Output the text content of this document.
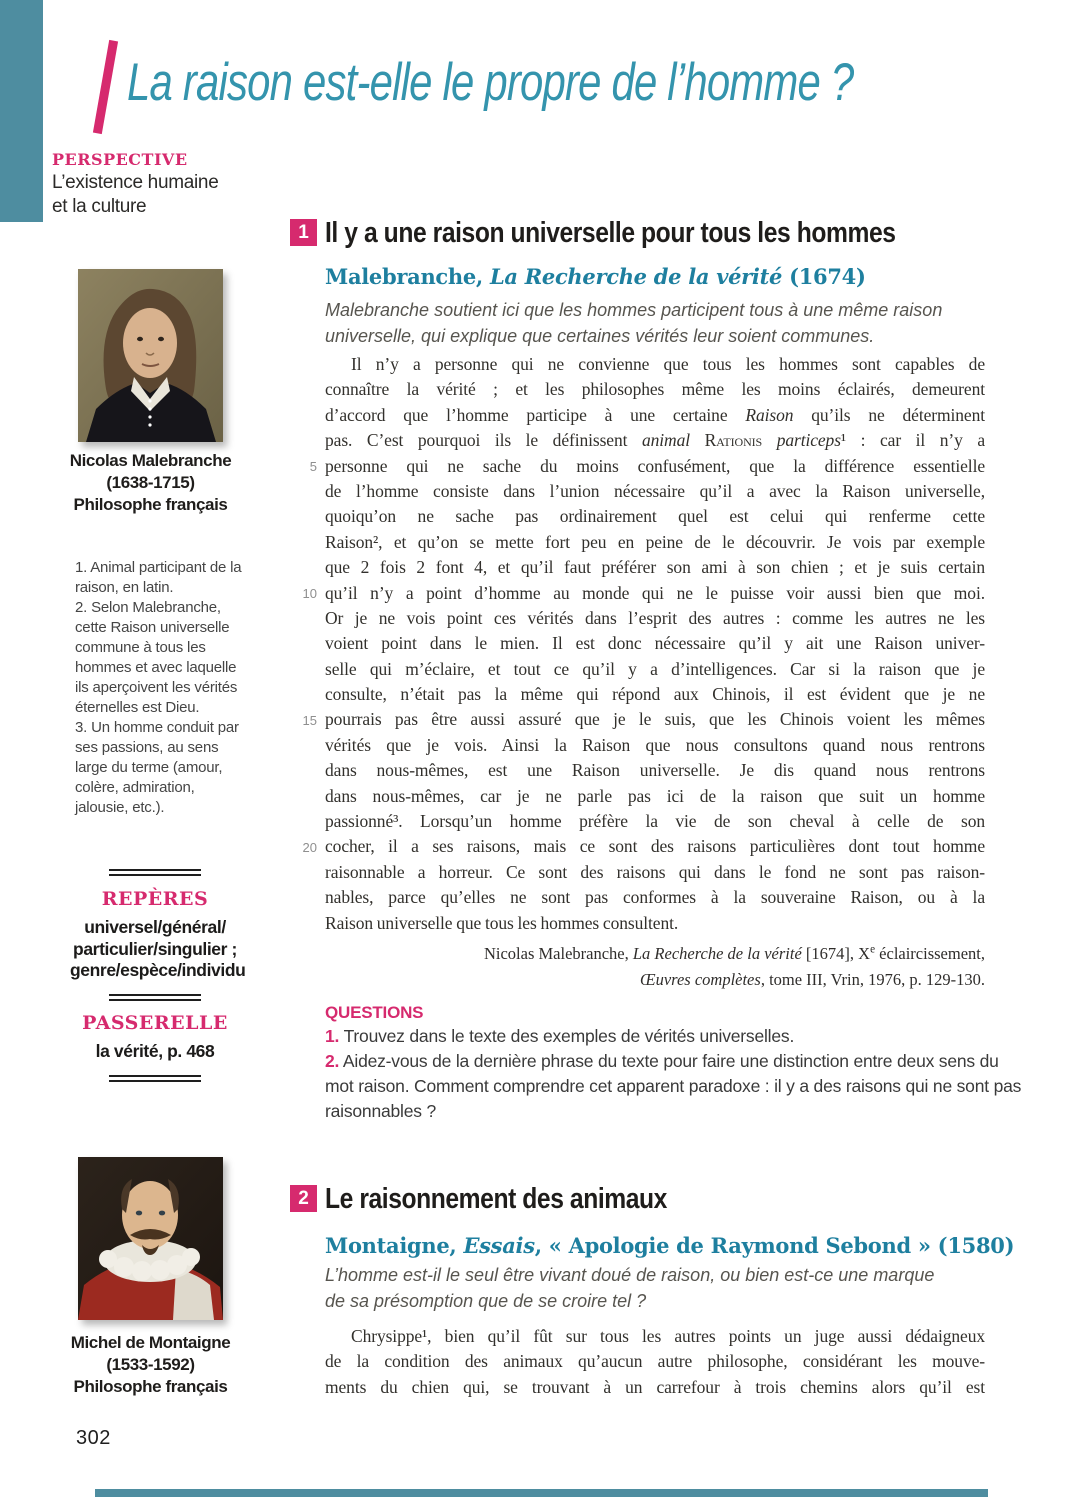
La raison est-elle le propre de l’homme ?
PERSPECTIVE
L’existence humaine
et la culture
1 Il y a une raison universelle pour tous les hommes
Malebranche, La Recherche de la vérité (1674)
Malebranche soutient ici que les hommes participent tous à une même raison universelle, qui explique que certaines vérités leur soient communes.
5
10
15
20
Il n’y a personne qui ne convienne que tous les hommes sont capables de
connaître la vérité ; et les philosophes même les moins éclairés, demeurent
d’accord que l’homme participe à une certaine Raison qu’ils ne déterminent
pas. C’est pourquoi ils le définissent animal Rationis particeps¹ : car il n’y a
personne qui ne sache du moins confusément, que la différence essentielle
de l’homme consiste dans l’union nécessaire qu’il a avec la Raison universelle,
quoiqu’on ne sache pas ordinairement quel est celui qui renferme cette
Raison², et qu’on se mette fort peu en peine de le découvrir. Je vois par exemple
que 2 fois 2 font 4, et qu’il faut préférer son ami à son chien ; et je suis certain
qu’il n’y a point d’homme au monde qui ne le puisse voir aussi bien que moi.
Or je ne vois point ces vérités dans l’esprit des autres : comme les autres ne les
voient point dans le mien. Il est donc nécessaire qu’il y ait une Raison univer-
selle qui m’éclaire, et tout ce qu’il y a d’intelligences. Car si la raison que je
consulte, n’était pas la même qui répond aux Chinois, il est évident que je ne
pourrais pas être aussi assuré que je le suis, que les Chinois voient les mêmes
vérités que je vois. Ainsi la Raison que nous consultons quand nous rentrons
dans nous-mêmes, est une Raison universelle. Je dis quand nous rentrons
dans nous-mêmes, car je ne parle pas ici de la raison que suit un homme
passionné³. Lorsqu’un homme préfère la vie de son cheval à celle de son
cocher, il a ses raisons, mais ce sont des raisons particulières dont tout homme
raisonnable a horreur. Ce sont des raisons qui dans le fond ne sont pas raison-
nables, parce qu’elles ne sont pas conformes à la souveraine Raison, ou à la
Raison universelle que tous les hommes consultent.
Nicolas Malebranche, La Recherche de la vérité [1674], Xe éclaircissement,
Œuvres complètes, tome III, Vrin, 1976, p. 129-130.
QUESTIONS
1. Trouvez dans le texte des exemples de vérités universelles.
2. Aidez-vous de la dernière phrase du texte pour faire une distinction entre deux sens du mot raison. Comment comprendre cet apparent paradoxe : il y a des raisons qui ne sont pas raisonnables ?
2 Le raisonnement des animaux
Montaigne, Essais, « Apologie de Raymond Sebond » (1580)
L’homme est-il le seul être vivant doué de raison, ou bien est-ce une marque de sa présomption que de se croire tel ?
Chrysippe¹, bien qu’il fût sur tous les autres points un juge aussi dédaigneux
de la condition des animaux qu’aucun autre philosophe, considérant les mouve-
ments du chien qui, se trouvant à un carrefour à trois chemins alors qu’il est
Nicolas Malebranche
(1638-1715)
Philosophe français

1. Animal participant de la raison, en latin.

2. Selon Malebranche, cette Raison universelle commune à tous les hommes et avec laquelle ils aperçoivent les vérités éternelles est Dieu.

3. Un homme conduit par ses passions, au sens large du terme (amour, colère, admiration, jalousie, etc.).

REPÈRES
universel/général/
particulier/singulier ;
genre/espèce/individu
PASSERELLE
la vérité, p. 468
Michel de Montaigne
(1533-1592)
Philosophe français
302
